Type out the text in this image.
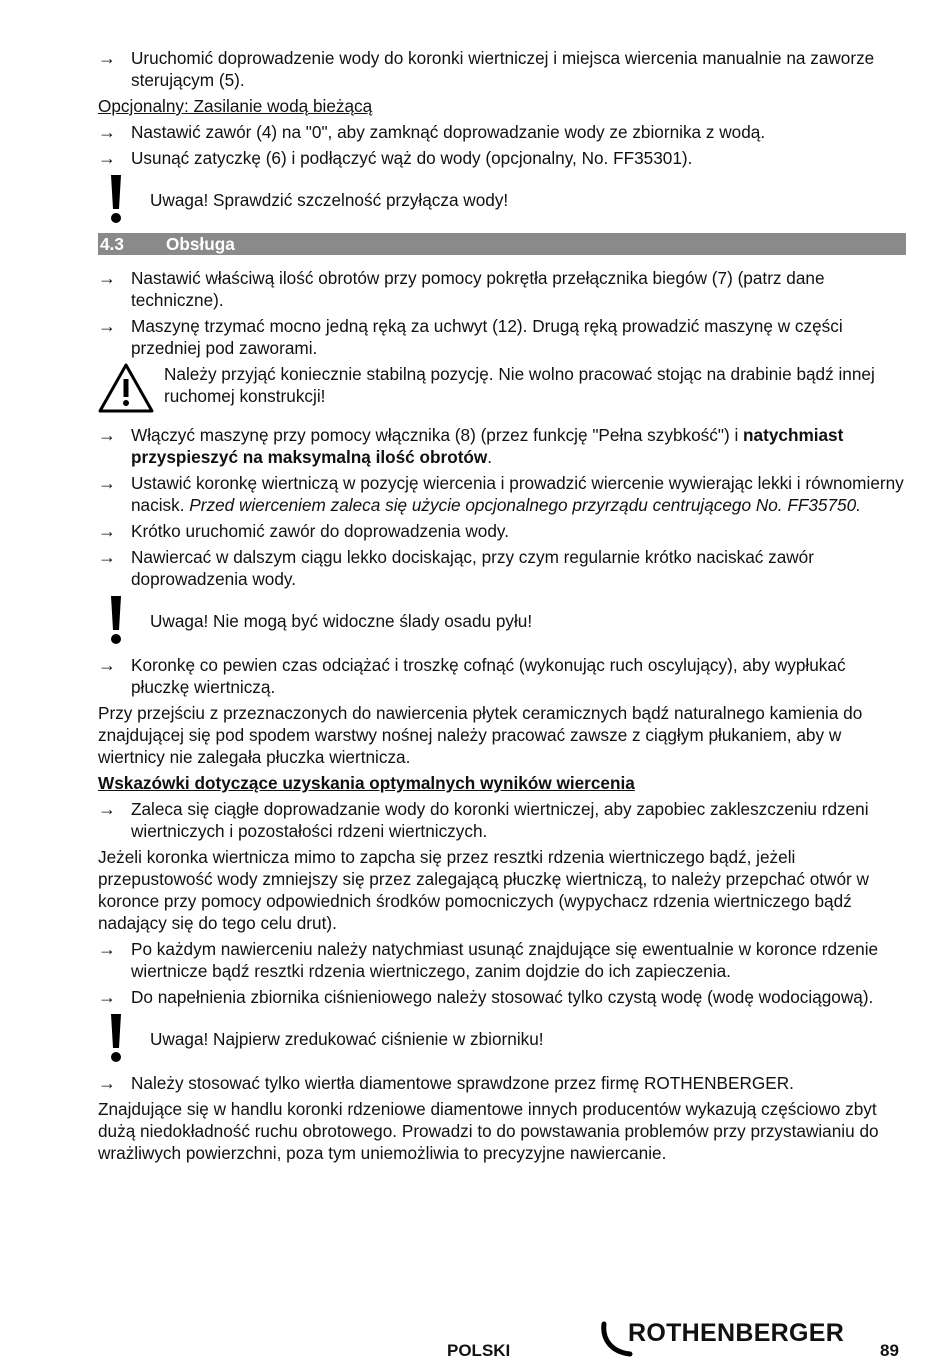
→ Uruchomić doprowadzenie wody do koronki wiertniczej i miejsca wiercenia manualnie na zaworze sterującym (5).
Opcjonalny: Zasilanie wodą bieżącą
→ Nastawić zawór (4) na "0", aby zamknąć doprowadzanie wody ze zbiornika z wodą.
→ Usunąć zatyczkę (6) i podłączyć wąż do wody (opcjonalny, No. FF35301).
Uwaga! Sprawdzić szczelność przyłącza wody!
4.3	Obsługa
→ Nastawić właściwą ilość obrotów przy pomocy pokrętła przełącznika biegów (7) (patrz dane techniczne).
→ Maszynę trzymać mocno jedną ręką za uchwyt (12). Drugą ręką prowadzić maszynę w części przedniej pod zaworami.
Należy przyjąć koniecznie stabilną pozycję. Nie wolno pracować stojąc na drabinie bądź innej ruchomej konstrukcji!
→ Włączyć maszynę przy pomocy włącznika (8) (przez funkcję "Pełna szybkość") i natychmiast przyspieszyć na maksymalną ilość obrotów.
→ Ustawić koronkę wiertniczą w pozycję wiercenia i prowadzić wiercenie wywierając lekki i równomierny nacisk. Przed wierceniem zaleca się użycie opcjonalnego przyrządu centrującego No. FF35750.
→ Krótko uruchomić zawór do doprowadzenia wody.
→ Nawiercać w dalszym ciągu lekko dociskając, przy czym regularnie krótko naciskać zawór doprowadzenia wody.
Uwaga! Nie mogą być widoczne ślady osadu pyłu!
→ Koronkę co pewien czas odciążać i troszkę cofnąć (wykonując ruch oscylujący), aby wypłukać płuczkę wiertniczą.
Przy przejściu z przeznaczonych do nawiercenia płytek ceramicznych bądź naturalnego kamienia do znajdującej się pod spodem warstwy nośnej należy pracować zawsze z ciągłym płukaniem, aby w wiertnicy nie zalegała płuczka wiertnicza.
Wskazówki dotyczące uzyskania optymalnych wyników wiercenia
→ Zaleca się ciągłe doprowadzanie wody do koronki wiertniczej, aby zapobiec zakleszczeniu rdzeni wiertniczych i pozostałości rdzeni wiertniczych.
Jeżeli koronka wiertnicza mimo to zapcha się przez resztki rdzenia wiertniczego bądź, jeżeli przepustowość wody zmniejszy się przez zalegającą płuczkę wiertniczą, to należy przepchać otwór w koronce przy pomocy odpowiednich środków pomocniczych (wypychacz rdzenia wiertniczego bądź nadający się do tego celu drut).
→ Po każdym nawierceniu należy natychmiast usunąć znajdujące się ewentualnie w koronce rdzenie wiertnicze bądź resztki rdzenia wiertniczego, zanim dojdzie do ich zapieczenia.
→ Do napełnienia zbiornika ciśnieniowego należy stosować tylko czystą wodę (wodę wodociągową).
Uwaga! Najpierw zredukować ciśnienie w zbiorniku!
→ Należy stosować tylko wiertła diamentowe sprawdzone przez firmę ROTHENBERGER.
Znajdujące się w handlu koronki rdzeniowe diamentowe innych producentów wykazują częściowo zbyt dużą niedokładność ruchu obrotowego. Prowadzi to do powstawania problemów przy przystawianiu do wrażliwych powierzchni, poza tym uniemożliwia to precyzyjne nawiercanie.
POLSKI
ROTHENBERGER
89
